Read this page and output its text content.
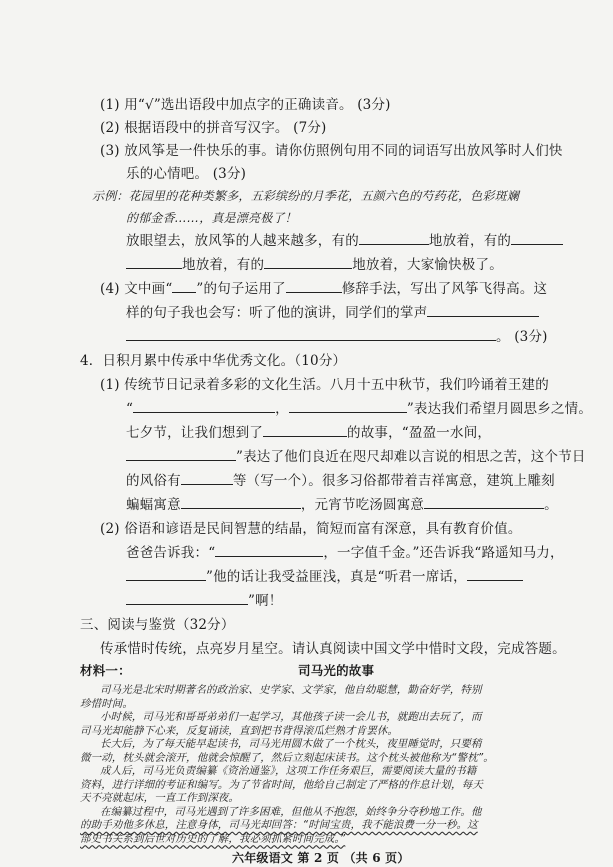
(1) 用“√”选出语段中加点字的正确读音。 (3分)
(2) 根据语段中的拼音写汉字。 (7分)
(3) 放风筝是一件快乐的事。请你仿照例句用不同的词语写出放风筝时人们快
乐的心情吧。 (3分)
示例：花园里的花种类繁多，五彩缤纷的月季花，五颜六色的芍药花，色彩斑斓
的郁金香……，真是漂亮极了！
放眼望去，放风筝的人越来越多，有的	地放着，有的
地放着，有的	地放着，大家愉快极了。
(4) 文中画“ ”的句子运用了	修辞手法，写出了风筝飞得高。这
样的句子我也会写：听了他的演讲，同学们的掌声
。 (3分)
4．日积月累中传承中华优秀文化。（10分）
(1) 传统节日记录着多彩的文化生活。八月十五中秋节，我们吟诵着王建的
“	，	”表达我们希望月圆思乡之情。
七夕节，让我们想到了	的故事，“盈盈一水间，
”表达了他们良近在咫尺却难以言说的相思之苦，这个节日
的风俗有	等（写一个）。很多习俗都带着吉祥寓意，建筑上雕刻
蝙蝠寓意	，元宵节吃汤圆寓意	。
(2) 俗语和谚语是民间智慧的结晶，简短而富有深意，具有教育价值。
爸爸告诉我：“	，一字值千金。”还告诉我“路遥知马力，
”他的话让我受益匪浅，真是“听君一席话，
”啊！
三、阅读与鉴赏（32分）
传承惜时传统，点亮岁月星空。请认真阅读中国文学中惜时文段，完成答题。
材料一：	司马光的故事
司马光是北宋时期著名的政治家、史学家、文学家，他自幼聪慧，勤奋好学，特别
珍惜时间。
小时候，司马光和哥哥弟弟们一起学习，其他孩子读一会儿书，就跑出去玩了，而
司马光却能静下心来，反复诵读，直到把书背得滚瓜烂熟才肯罢休。
长大后，为了每天能早起读书，司马光用圆木做了一个枕头，夜里睡觉时，只要稍
微一动，枕头就会滚开，他就会惊醒了，然后立刻起床读书。这个枕头被他称为“警枕”。
成人后，司马光负责编纂《资治通鉴》，这项工作任务艰巨，需要阅读大量的书籍
资料，进行详细的考证和编写。为了节省时间，他给自己制定了严格的作息计划，每天
天不亮就起床，一直工作到深夜。
在编纂过程中，司马光遇到了许多困难，但他从不抱怨，始终争分夺秒地工作。他
的助手劝他多休息，注意身体，司马光却回答：“时间宝贵，我不能浪费一分一秒。这
部史书关系到后世对历史的了解，我必须抓紧时间完成。”
六年级语文 第 2 页 （共 6 页）
